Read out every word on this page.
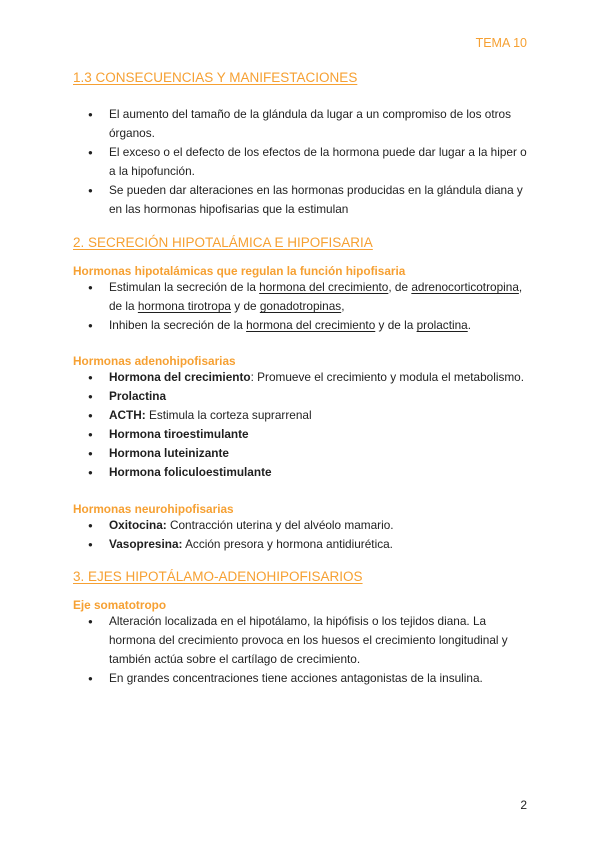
TEMA 10
1.3 CONSECUENCIAS Y MANIFESTACIONES
● El aumento del tamaño de la glándula da lugar a un compromiso de los otros órganos.
● El exceso o el defecto de los efectos de la hormona puede dar lugar a la hiper o a la hipofunción.
● Se pueden dar alteraciones en las hormonas producidas en la glándula diana y en las hormonas hipofisarias que la estimulan
2. SECRECIÓN HIPOTALÁMICA E HIPOFISARIA
Hormonas hipotalámicas que regulan la función hipofisaria
● Estimulan la secreción de la hormona del crecimiento, de adrenocorticotropina, de la hormona tirotropa y de gonadotropinas,
● Inhiben la secreción de la hormona del crecimiento y de la prolactina.
Hormonas adenohipofisarias
● Hormona del crecimiento: Promueve el crecimiento y modula el metabolismo.
● Prolactina
● ACTH: Estimula la corteza suprarrenal
● Hormona tiroestimulante
● Hormona luteinizante
● Hormona foliculoestimulante
Hormonas neurohipofisarias
● Oxitocina: Contracción uterina y del alvéolo mamario.
● Vasopresina: Acción presora y hormona antidiurética.
3. EJES HIPOTÁLAMO-ADENOHIPOFISARIOS
Eje somatotropo
● Alteración localizada en el hipotálamo, la hipófisis o los tejidos diana. La hormona del crecimiento provoca en los huesos el crecimiento longitudinal y también actúa sobre el cartílago de crecimiento.
● En grandes concentraciones tiene acciones antagonistas de la insulina.
2
